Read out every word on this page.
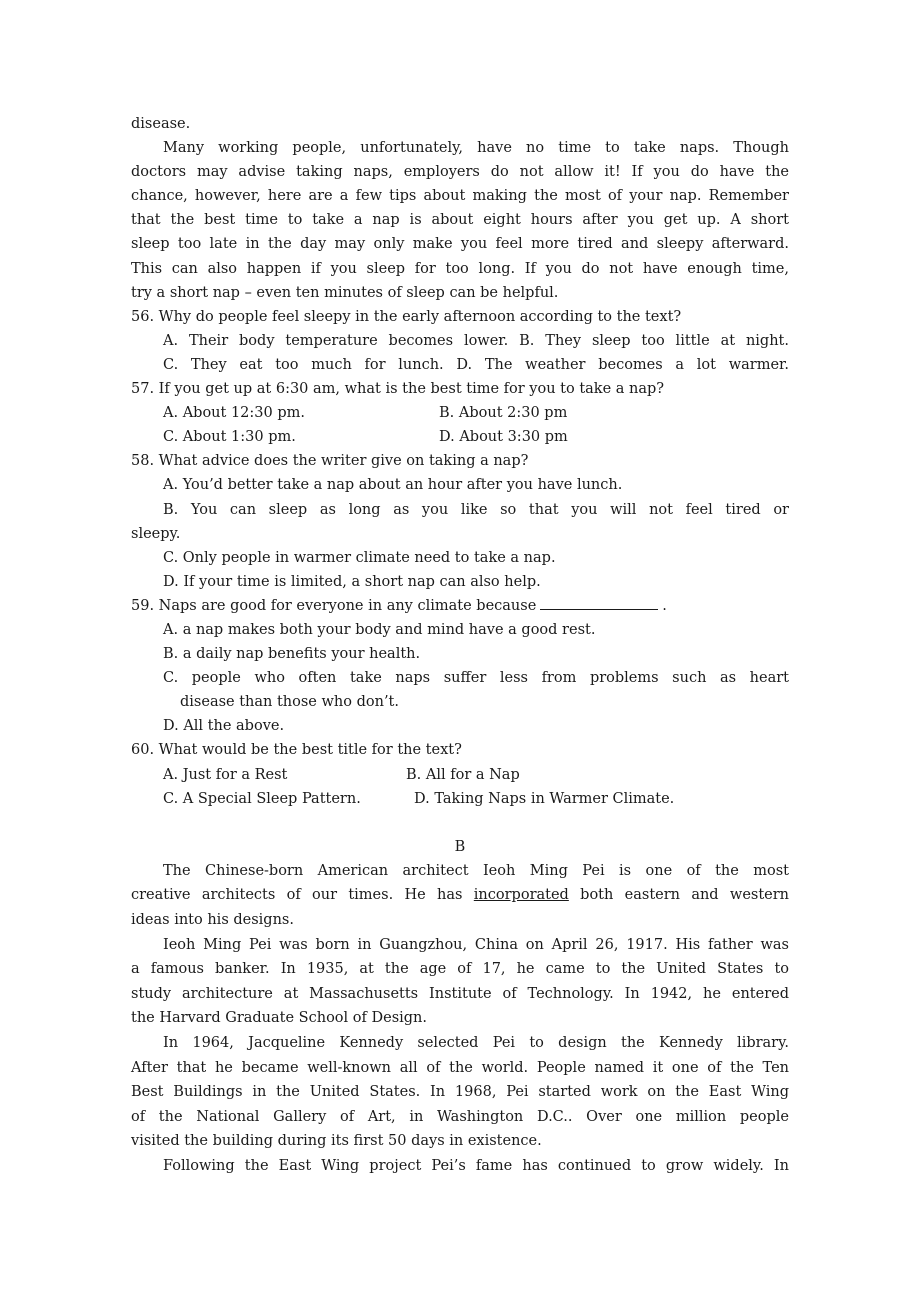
disease.
Many working people, unfortunately, have no time to take naps. Though
doctors may advise taking naps, employers do not allow it! If you do have the
chance, however, here are a few tips about making the most of your nap. Remember
that the best time to take a nap is about eight hours after you get up. A short
sleep too late in the day may only make you feel more tired and sleepy afterward.
This can also happen if you sleep for too long. If you do not have enough time,
try a short nap – even ten minutes of sleep can be helpful.
56. Why do people feel sleepy in the early afternoon according to the text?
A. Their body temperature becomes lower. B. They sleep too little at night.
C. They eat too much for lunch. D. The weather becomes a lot warmer.
57. If you get up at 6:30 am, what is the best time for you to take a nap?
A. About 12:30 pm.	B. About 2:30 pm
C. About 1:30 pm.	D. About 3:30 pm
58. What advice does the writer give on taking a nap?
A. You’d better take a nap about an hour after you have lunch.
B. You can sleep as long as you like so that you will not feel tired or
sleepy.
C. Only people in warmer climate need to take a nap.
D. If your time is limited, a short nap can also help.
59. Naps are good for everyone in any climate because	.
A. a nap makes both your body and mind have a good rest.
B. a daily nap benefits your health.
C. people who often take naps suffer less from problems such as heart
disease than those who don’t.
D. All the above.
60. What would be the best title for the text?
A. Just for a Rest	B. All for a Nap
C. A Special Sleep Pattern.	D. Taking Naps in Warmer Climate.
B
The Chinese-born American architect Ieoh Ming Pei is one of the most
creative architects of our times. He has incorporated both eastern and western
ideas into his designs.
Ieoh Ming Pei was born in Guangzhou, China on April 26, 1917. His father was
a famous banker. In 1935, at the age of 17, he came to the United States to
study architecture at Massachusetts Institute of Technology. In 1942, he entered
the Harvard Graduate School of Design.
In 1964, Jacqueline Kennedy selected Pei to design the Kennedy library.
After that he became well-known all of the world. People named it one of the Ten
Best Buildings in the United States. In 1968, Pei started work on the East Wing
of the National Gallery of Art, in Washington D.C.. Over one million people
visited the building during its first 50 days in existence.
Following the East Wing project Pei’s fame has continued to grow widely. In
